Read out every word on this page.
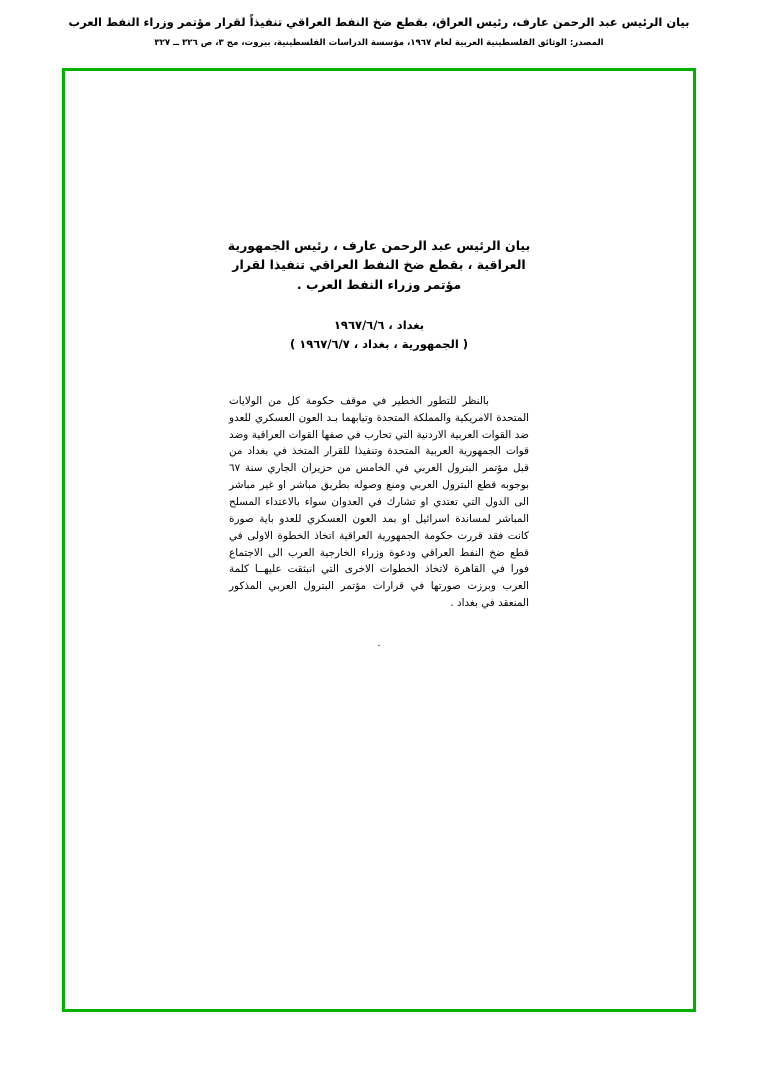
بيان الرئيس عبد الرحمن عارف، رئيس العراق، بقطع ضخ النفط العراقي تنفيذاً لقرار مؤتمر وزراء النفط العرب
المصدر: الوثائق الفلسطينية العربية لعام ١٩٦٧، مؤسسة الدراسات الفلسطينية، بيروت، مج ٣، ص ٣٢٦ ــ ٣٢٧
بيان الرئيس عبد الرحمن عارف ، رئيس الجمهورية العراقية ، بقطع ضخ النفط العراقي تنفيذا لقرار مؤتمر وزراء النفط العرب .
بغداد ، ١٩٦٧/٦/٦
( الجمهورية ، بغداد ، ١٩٦٧/٦/٧ )
بالنظر للتطور الخطير في موقف حكومة كل من الولايات المتحدة الامريكية والمملكة المتحدة وتيابهما بـد العون العسكري للعدو ضد القوات العربية الاردنية التي تحارب في صفها القوات العراقية وضد قوات الجمهورية العربية المتحدة وتنفيذا للقرار المتخذ في بغداد من قبل مؤتمر البترول العربي في الخامس من حزيران الجاري سنة ٦٧ بوجوبه قطع البترول العربي ومنع وصوله بطريق مباشر او غير مباشر الى الدول التي تعتدي او تشارك في العدوان سواء بالاعتداء المسلح المباشر لمساندة اسرائيل او بمد العون العسكري للعدو باية صورة كانت فقد قررت حكومة الجمهورية العراقية اتخاذ الخطوة الاولى في قطع ضخ النفط العراقي ودعوة وزراء الخارجية العرب الى الاجتماع فورا في القاهرة لاتخاذ الخطوات الاخرى التي انبثقت عليهــا كلمة العرب وبرزت صورتها في قرارات مؤتمر البترول العربي المذكور المنعقد في بغداد .
.
